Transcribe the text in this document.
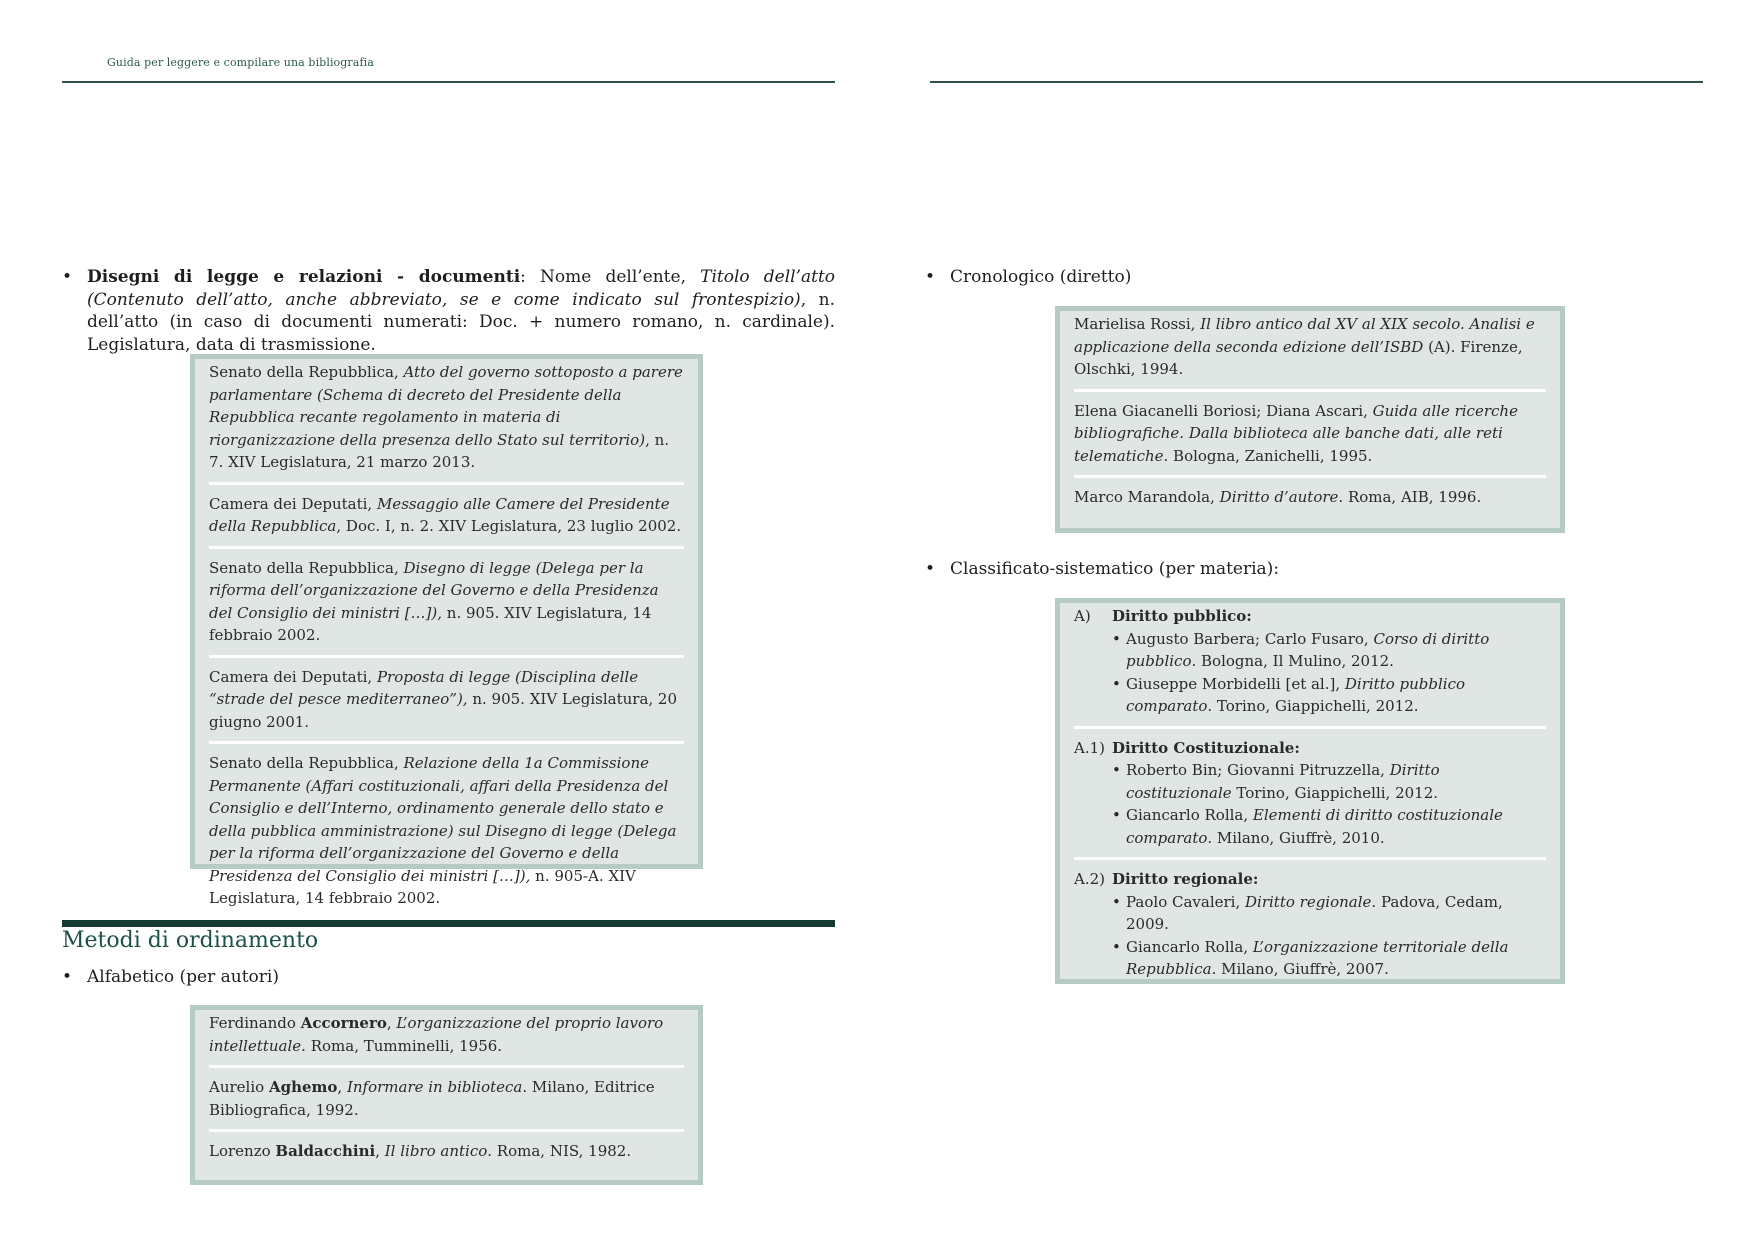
Guida per leggere e compilare una bibliografia
• Disegni di legge e relazioni - documenti: Nome dell’ente, Titolo dell’atto (Contenuto dell’atto, anche abbreviato, se e come indicato sul frontespizio), n. dell’atto (in caso di documenti numerati: Doc. + numero romano, n. cardinale). Legislatura, data di trasmissione.
Senato della Repubblica, Atto del governo sottoposto a parere parlamentare (Schema di decreto del Presidente della Repubblica recante regolamento in materia di riorganizzazione della presenza dello Stato sul territorio), n. 7. XIV Legislatura, 21 marzo 2013.
Camera dei Deputati, Messaggio alle Camere del Presidente della Repubblica, Doc. I, n. 2. XIV Legislatura, 23 luglio 2002.
Senato della Repubblica, Disegno di legge (Delega per la riforma dell’organizzazione del Governo e della Presidenza del Consiglio dei ministri […]), n. 905. XIV Legislatura, 14 febbraio 2002.
Camera dei Deputati, Proposta di legge (Disciplina delle “strade del pesce mediterraneo”), n. 905. XIV Legislatura, 20 giugno 2001.
Senato della Repubblica, Relazione della 1a Commissione Permanente (Affari costituzionali, affari della Presidenza del Consiglio e dell’Interno, ordinamento generale dello stato e della pubblica amministrazione) sul Disegno di legge (Delega per la riforma dell’organizzazione del Governo e della Presidenza del Consiglio dei ministri […]), n. 905-A. XIV Legislatura, 14 febbraio 2002.
Metodi di ordinamento
• Alfabetico (per autori)
Ferdinando Accornero, L’organizzazione del proprio lavoro intellettuale. Roma, Tumminelli, 1956.
Aurelio Aghemo, Informare in biblioteca. Milano, Editrice Bibliografica, 1992.
Lorenzo Baldacchini, Il libro antico. Roma, NIS, 1982.
• Cronologico (diretto)
Marielisa Rossi, Il libro antico dal XV al XIX secolo. Analisi e applicazione della seconda edizione dell’ISBD (A). Firenze, Olschki, 1994.
Elena Giacanelli Boriosi; Diana Ascari, Guida alle ricerche bibliografiche. Dalla biblioteca alle banche dati, alle reti telematiche. Bologna, Zanichelli, 1995.
Marco Marandola, Diritto d’autore. Roma, AIB, 1996.
• Classificato-sistematico (per materia):
A)	Diritto pubblico:
• Augusto Barbera; Carlo Fusaro, Corso di diritto pubblico. Bologna, Il Mulino, 2012.
• Giuseppe Morbidelli [et al.], Diritto pubblico comparato. Torino, Giappichelli, 2012.
A.1) Diritto Costituzionale:
• Roberto Bin; Giovanni Pitruzzella, Diritto costituzionale Torino, Giappichelli, 2012.
• Giancarlo Rolla, Elementi di diritto costituzionale comparato. Milano, Giuffrè, 2010.
A.2) Diritto regionale:
• Paolo Cavaleri, Diritto regionale. Padova, Cedam, 2009.
• Giancarlo Rolla, L’organizzazione territoriale della Repubblica. Milano, Giuffrè, 2007.
